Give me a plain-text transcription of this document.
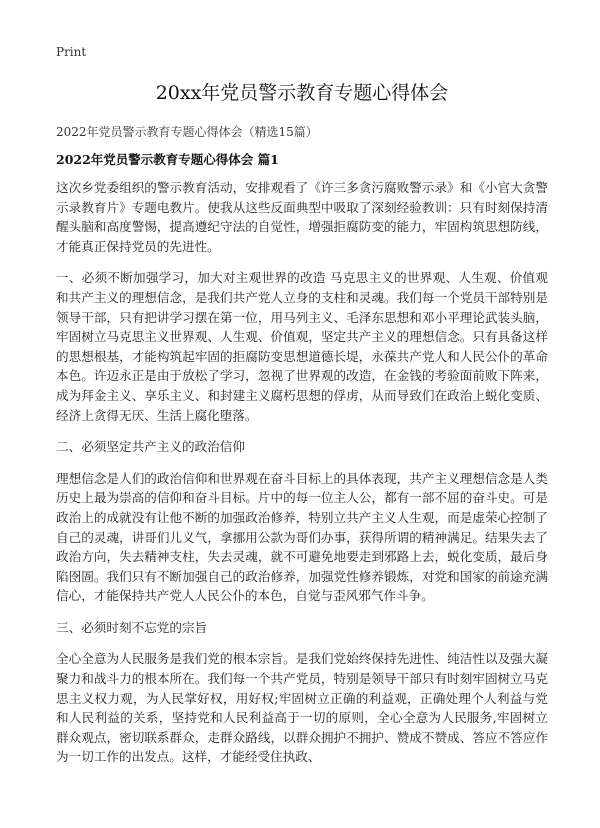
Print
20xx年党员警示教育专题心得体会

2022年党员警示教育专题心得体会（精选15篇）

2022年党员警示教育专题心得体会 篇1

这次乡党委组织的警示教育活动，安排观看了《许三多贪污腐败警示录》和《小官大贪警示录教育片》专题电教片。使我从这些反面典型中吸取了深刻经验教训：只有时刻保持清醒头脑和高度警惕，提高遵纪守法的自觉性，增强拒腐防变的能力，牢固构筑思想防线，才能真正保持党员的先进性。

一、必须不断加强学习，加大对主观世界的改造 马克思主义的世界观、人生观、价值观和共产主义的理想信念，是我们共产党人立身的支柱和灵魂。我们每一个党员干部特别是领导干部，只有把讲学习摆在第一位，用马列主义、毛泽东思想和邓小平理论武装头脑，牢固树立马克思主义世界观、人生观、价值观，坚定共产主义的理想信念。只有具备这样的思想根基，才能构筑起牢固的拒腐防变思想道德长堤，永葆共产党人和人民公仆的革命本色。许迈永正是由于放松了学习，忽视了世界观的改造，在金钱的考验面前败下阵来，成为拜金主义、享乐主义、和封建主义腐朽思想的俘虏，从而导致们在政治上蜕化变质、经济上贪得无厌、生活上腐化堕落。

二、必须坚定共产主义的政治信仰

理想信念是人们的政治信仰和世界观在奋斗目标上的具体表现，共产主义理想信念是人类历史上最为崇高的信仰和奋斗目标。片中的每一位主人公，都有一部不屈的奋斗史。可是政治上的成就没有让他不断的加强政治修养，特别立共产主义人生观，而是虚荣心控制了自己的灵魂，讲哥们儿义气，拿挪用公款为哥们办事，获得所谓的精神满足。结果失去了政治方向，失去精神支柱，失去灵魂，就不可避免地要走到邪路上去，蜕化变质，最后身陷囹圄。我们只有不断加强自己的政治修养，加强党性修养锻炼，对党和国家的前途充满信心，才能保持共产党人人民公仆的本色，自觉与歪风邪气作斗争。

三、必须时刻不忘党的宗旨

全心全意为人民服务是我们党的根本宗旨。是我们党始终保持先进性、纯洁性以及强大凝聚力和战斗力的根本所在。我们每一个共产党员，特别是领导干部只有时刻牢固树立马克思主义权力观，为人民掌好权，用好权;牢固树立正确的利益观，正确处理个人利益与党和人民利益的关系，坚持党和人民利益高于一切的原则，全心全意为人民服务,牢固树立群众观点，密切联系群众，走群众路线，以群众拥护不拥护、赞成不赞成、答应不答应作为一切工作的出发点。这样，才能经受住执政、
